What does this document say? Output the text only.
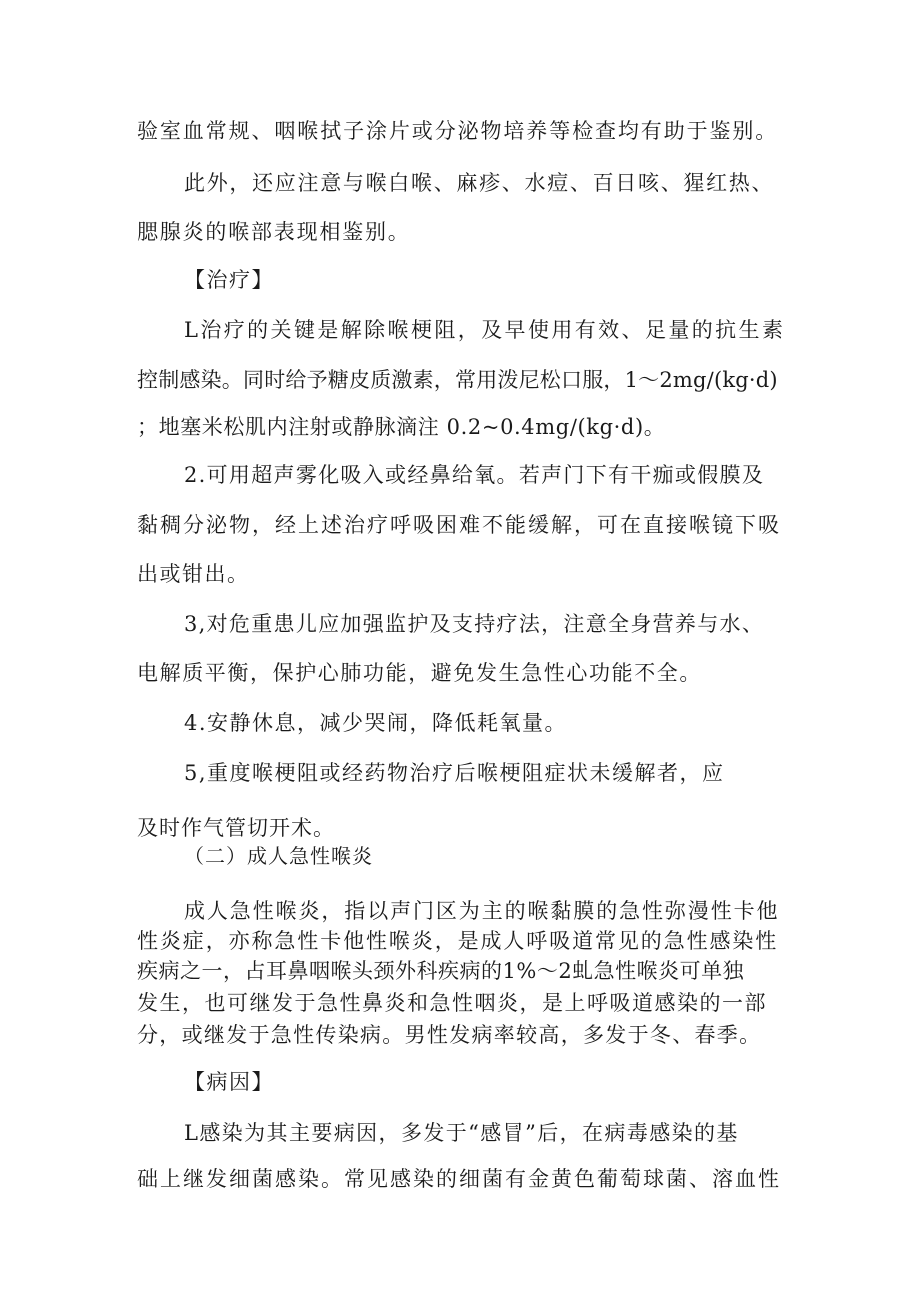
验室血常规、咽喉拭子涂片或分泌物培养等检查均有助于鉴别。

此外，还应注意与喉白喉、麻疹、水痘、百日咳、猩红热、

腮腺炎的喉部表现相鉴别。

【治疗】

L治疗的关键是解除喉梗阻，及早使用有效、足量的抗生素

控制感染。同时给予糖皮质激素，常用泼尼松口服，1～2mg∕(kg·d)

；地塞米松肌内注射或静脉滴注 0.2~0.4mg∕(kg·d)。

2.可用超声雾化吸入或经鼻给氧。若声门下有干痂或假膜及

黏稠分泌物，经上述治疗呼吸困难不能缓解，可在直接喉镜下吸

出或钳出。

3,对危重患儿应加强监护及支持疗法，注意全身营养与水、

电解质平衡，保护心肺功能，避免发生急性心功能不全。

4.安静休息，减少哭闹，降低耗氧量。

5,重度喉梗阻或经药物治疗后喉梗阻症状未缓解者，应

及时作气管切开术。

（二）成人急性喉炎

成人急性喉炎，指以声门区为主的喉黏膜的急性弥漫性卡他

性炎症，亦称急性卡他性喉炎，是成人呼吸道常见的急性感染性

疾病之一，占耳鼻咽喉头颈外科疾病的1%～2虬急性喉炎可单独

发生，也可继发于急性鼻炎和急性咽炎，是上呼吸道感染的一部

分，或继发于急性传染病。男性发病率较高，多发于冬、春季。

【病因】

L感染为其主要病因，多发于“感冒”后，在病毒感染的基

础上继发细菌感染。常见感染的细菌有金黄色葡萄球菌、溶血性
